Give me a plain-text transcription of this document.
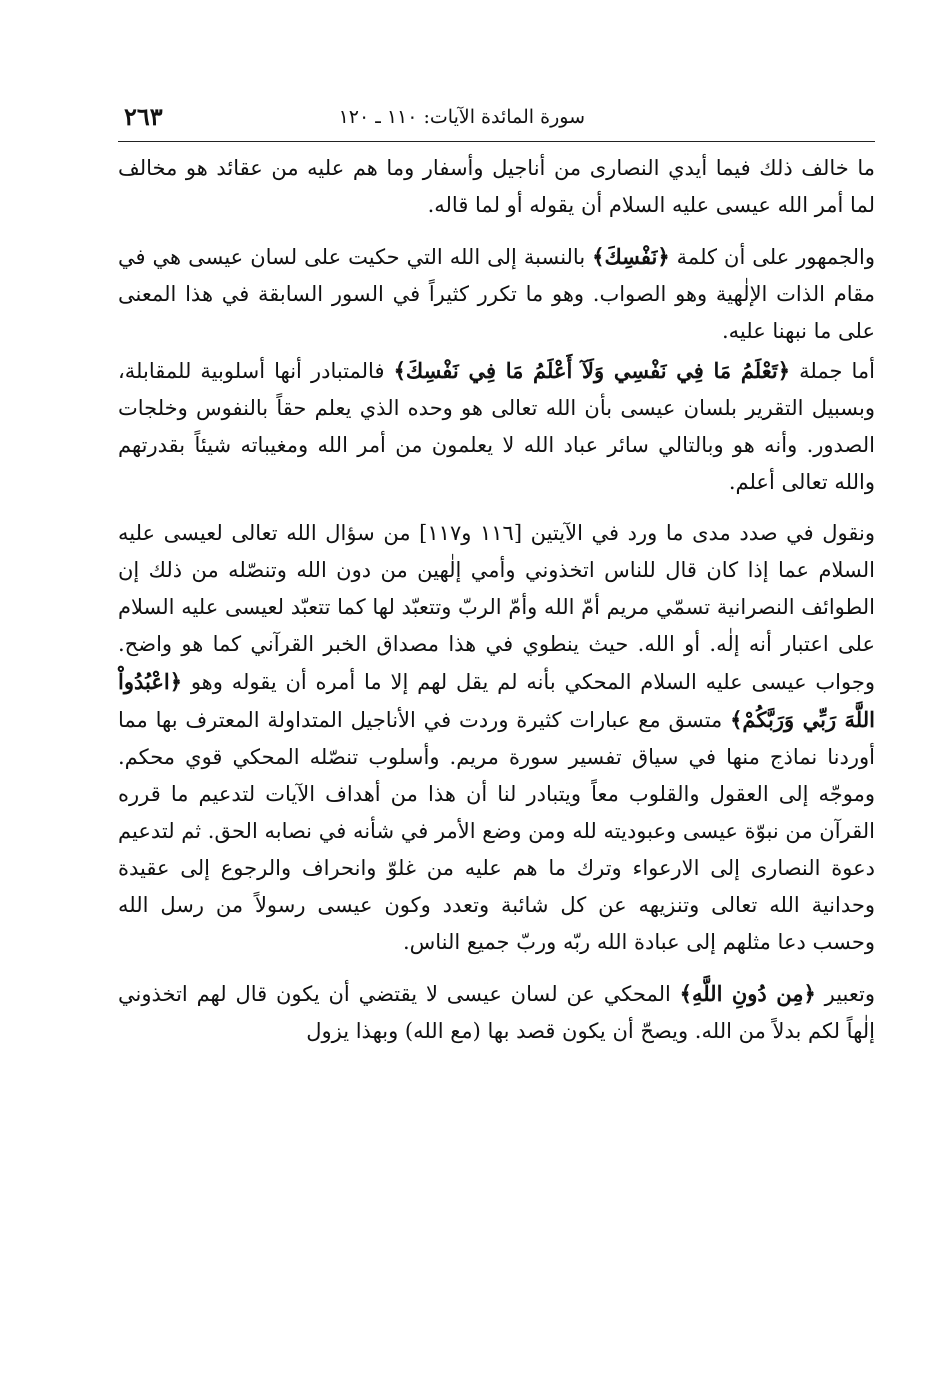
سورة المائدة الآيات: ١١٠ ـ ١٢٠
٢٦٣

ما خالف ذلك فيما أيدي النصارى من أناجيل وأسفار وما هم عليه من عقائد هو مخالف لما أمر الله عيسى عليه السلام أن يقوله أو لما قاله.

والجمهور على أن كلمة ﴿نَفْسِكَ﴾ بالنسبة إلى الله التي حكيت على لسان عيسى هي في مقام الذات الإلٰهية وهو الصواب. وهو ما تكرر كثيراً في السور السابقة في هذا المعنى على ما نبهنا عليه.

أما جملة ﴿تَعْلَمُ مَا فِي نَفْسِي وَلَآ أَعْلَمُ مَا فِي نَفْسِكَ﴾ فالمتبادر أنها أسلوبية للمقابلة، وبسبيل التقرير بلسان عيسى بأن الله تعالى هو وحده الذي يعلم حقاً بالنفوس وخلجات الصدور. وأنه هو وبالتالي سائر عباد الله لا يعلمون من أمر الله ومغيباته شيئاً بقدرتهم والله تعالى أعلم.

ونقول في صدد مدى ما ورد في الآيتين [١١٦ و١١٧] من سؤال الله تعالى لعيسى عليه السلام عما إذا كان قال للناس اتخذوني وأمي إلٰهين من دون الله وتنصّله من ذلك إن الطوائف النصرانية تسمّي مريم أمّ الله وأمّ الربّ وتتعبّد لها كما تتعبّد لعيسى عليه السلام على اعتبار أنه إلٰه. أو الله. حيث ينطوي في هذا مصداق الخبر القرآني كما هو واضح. وجواب عيسى عليه السلام المحكي بأنه لم يقل لهم إلا ما أمره أن يقوله وهو ﴿اعْبُدُواْ اللَّهَ رَبِّي وَرَبَّكُمْ﴾ متسق مع عبارات كثيرة وردت في الأناجيل المتداولة المعترف بها مما أوردنا نماذج منها في سياق تفسير سورة مريم. وأسلوب تنصّله المحكي قوي محكم. وموجّه إلى العقول والقلوب معاً ويتبادر لنا أن هذا من أهداف الآيات لتدعيم ما قرره القرآن من نبوّة عيسى وعبوديته لله ومن وضع الأمر في شأنه في نصابه الحق. ثم لتدعيم دعوة النصارى إلى الارعواء وترك ما هم عليه من غلوّ وانحراف والرجوع إلى عقيدة وحدانية الله تعالى وتنزيهه عن كل شائبة وتعدد وكون عيسى رسولاً من رسل الله وحسب دعا مثلهم إلى عبادة الله ربّه وربّ جميع الناس.

وتعبير ﴿مِن دُونِ اللَّهِ﴾ المحكي عن لسان عيسى لا يقتضي أن يكون قال لهم اتخذوني إلٰهاً لكم بدلاً من الله. ويصحّ أن يكون قصد بها (مع الله) وبهذا يزول
